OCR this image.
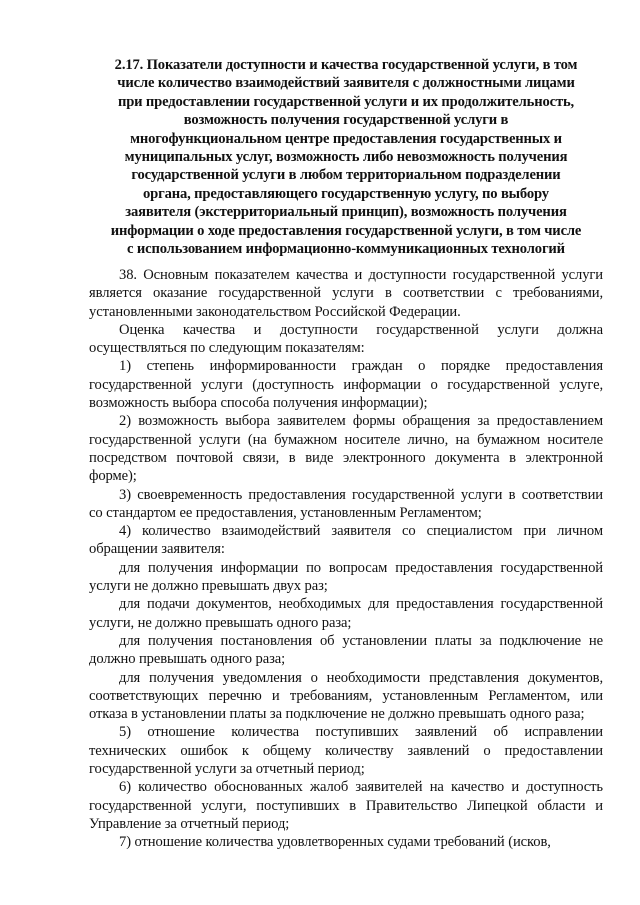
2.17. Показатели доступности и качества государственной услуги, в том
числе количество взаимодействий заявителя с должностными лицами
при предоставлении государственной услуги и их продолжительность,
возможность получения государственной услуги в
многофункциональном центре предоставления государственных и
муниципальных услуг, возможность либо невозможность получения
государственной услуги в любом территориальном подразделении
органа, предоставляющего государственную услугу, по выбору
заявителя (экстерриториальный принцип), возможность получения
информации о ходе предоставления государственной услуги, в том числе
с использованием информационно-коммуникационных технологий

38. Основным показателем качества и доступности государственной услуги является оказание государственной услуги в соответствии с требованиями, установленными законодательством Российской Федерации.

Оценка качества и доступности государственной услуги должна осуществляться по следующим показателям:

1) степень информированности граждан о порядке предоставления государственной услуги (доступность информации о государственной услуге, возможность выбора способа получения информации);

2) возможность выбора заявителем формы обращения за предоставлением государственной услуги (на бумажном носителе лично, на бумажном носителе посредством почтовой связи, в виде электронного документа в электронной форме);

3) своевременность предоставления государственной услуги в соответствии со стандартом ее предоставления, установленным Регламентом;

4) количество взаимодействий заявителя со специалистом при личном обращении заявителя:

для получения информации по вопросам предоставления государственной услуги не должно превышать двух раз;

для подачи документов, необходимых для предоставления государственной услуги, не должно превышать одного раза;

для получения постановления об установлении платы за подключение не должно превышать одного раза;

для получения уведомления о необходимости представления документов, соответствующих перечню и требованиям, установленным Регламентом, или отказа в установлении платы за подключение не должно превышать одного раза;

5) отношение количества поступивших заявлений об исправлении технических ошибок к общему количеству заявлений о предоставлении государственной услуги за отчетный период;

6) количество обоснованных жалоб заявителей на качество и доступность государственной услуги, поступивших в Правительство Липецкой области и Управление за отчетный период;

7) отношение количества удовлетворенных судами требований (исков,
